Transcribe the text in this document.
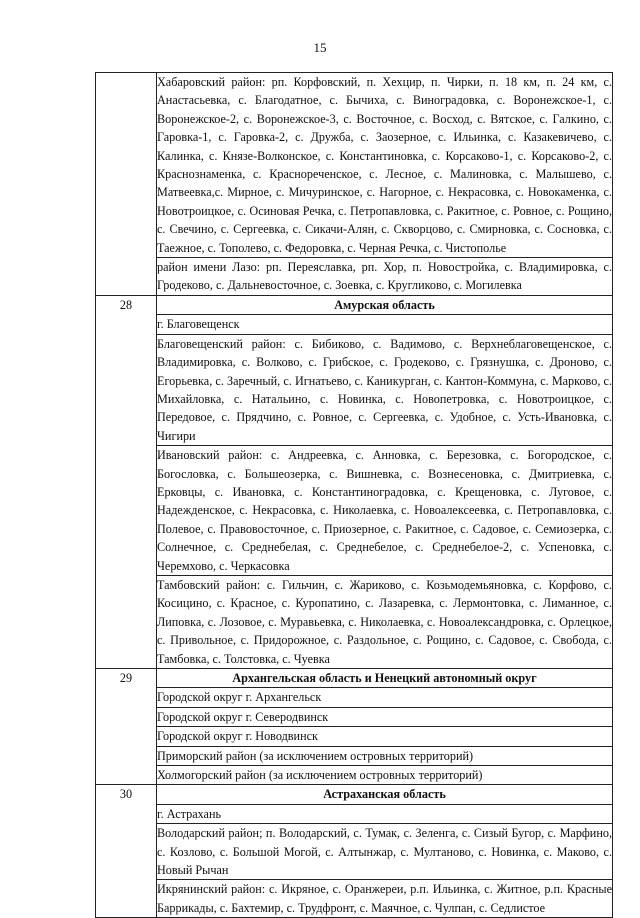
15
	Хабаровский район: рп. Корфовский, п. Хехцир, п. Чирки, п. 18 км, п. 24 км, с. Анастасьевка, с. Благодатное, с. Бычиха, с. Виноградовка, с. Воронежское-1, с. Воронежское-2, с. Воронежское-3, с. Восточное, с. Восход, с. Вятское, с. Галкино, с. Гаровка-1, с. Гаровка-2, с. Дружба, с. Заозерное, с. Ильинка, с. Казакевичево, с. Калинка, с. Князе-Волконское, с. Константиновка, с. Корсаково-1, с. Корсаково-2, с. Краснознаменка, с. Краснореченское, с. Лесное, с. Малиновка, с. Малышево, с. Матвеевка,с. Мирное, с. Мичуринское, с. Нагорное, с. Некрасовка, с. Новокаменка, с. Новотроицкое, с. Осиновая Речка, с. Петропавловка, с. Ракитное, с. Ровное, с. Рощино, с. Свечино, с. Сергеевка, с. Сикачи-Алян, с. Скворцово, с. Смирновка, с. Сосновка, с. Таежное, с. Тополево, с. Федоровка, с. Черная Речка, с. Чистополье
	район имени Лазо: рп. Переяславка, рп. Хор, п. Новостройка, с. Владимировка, с. Гродеково, с. Дальневосточное, с. Зоевка, с. Кругликово, с. Могилевка
28	Амурская область
	г. Благовещенск
	Благовещенский район: с. Бибиково, с. Вадимово, с. Верхнеблаговещенское, с. Владимировка, с. Волково, с. Грибское, с. Гродеково, с. Грязнушка, с. Дроново, с. Егорьевка, с. Заречный, с. Игнатьево, с. Каникурган, с. Кантон-Коммуна, с. Марково, с. Михайловка, с. Натальино, с. Новинка, с. Новопетровка, с. Новотроицкое, с. Передовое, с. Прядчино, с. Ровное, с. Сергеевка, с. Удобное, с. Усть-Ивановка, с. Чигири
	Ивановский район: с. Андреевка, с. Анновка, с. Березовка, с. Богородское, с. Богословка, с. Большеозерка, с. Вишневка, с. Вознесеновка, с. Дмитриевка, с. Ерковцы, с. Ивановка, с. Константиноградовка, с. Крещеновка, с. Луговое, с. Надежденское, с. Некрасовка, с. Николаевка, с. Новоалексеевка, с. Петропавловка, с. Полевое, с. Правовосточное, с. Приозерное, с. Ракитное, с. Садовое, с. Семиозерка, с. Солнечное, с. Среднебелая, с. Среднебелое, с. Среднебелое-2, с. Успеновка, с. Черемхово, с. Черкасовка
	Тамбовский район: с. Гильчин, с. Жариково, с. Козьмодемьяновка, с. Корфово, с. Косицино, с. Красное, с. Куропатино, с. Лазаревка, с. Лермонтовка, с. Лиманное, с. Липовка, с. Лозовое, с. Муравьевка, с. Николаевка, с. Новоалександровка, с. Орлецкое, с. Привольное, с. Придорожное, с. Раздольное, с. Рощино, с. Садовое, с. Свобода, с. Тамбовка, с. Толстовка, с. Чуевка
29	Архангельская область и Ненецкий автономный округ
	Городской округ г. Архангельск
	Городской округ г. Северодвинск
	Городской округ г. Новодвинск
	Приморский район (за исключением островных территорий)
	Холмогорский район (за исключением островных территорий)
30	Астраханская область
	г. Астрахань
	Володарский район; п. Володарский, с. Тумак, с. Зеленга, с. Сизый Бугор, с. Марфино, с. Козлово, с. Большой Могой, с. Алтынжар, с. Мултаново, с. Новинка, с. Маково, с. Новый Рычан
	Икрянинский район: с. Икряное, с. Оранжереи, р.п. Ильинка, с. Житное, р.п. Красные Баррикады, с. Бахтемир, с. Трудфронт, с. Маячное, с. Чулпан, с. Седлистое
